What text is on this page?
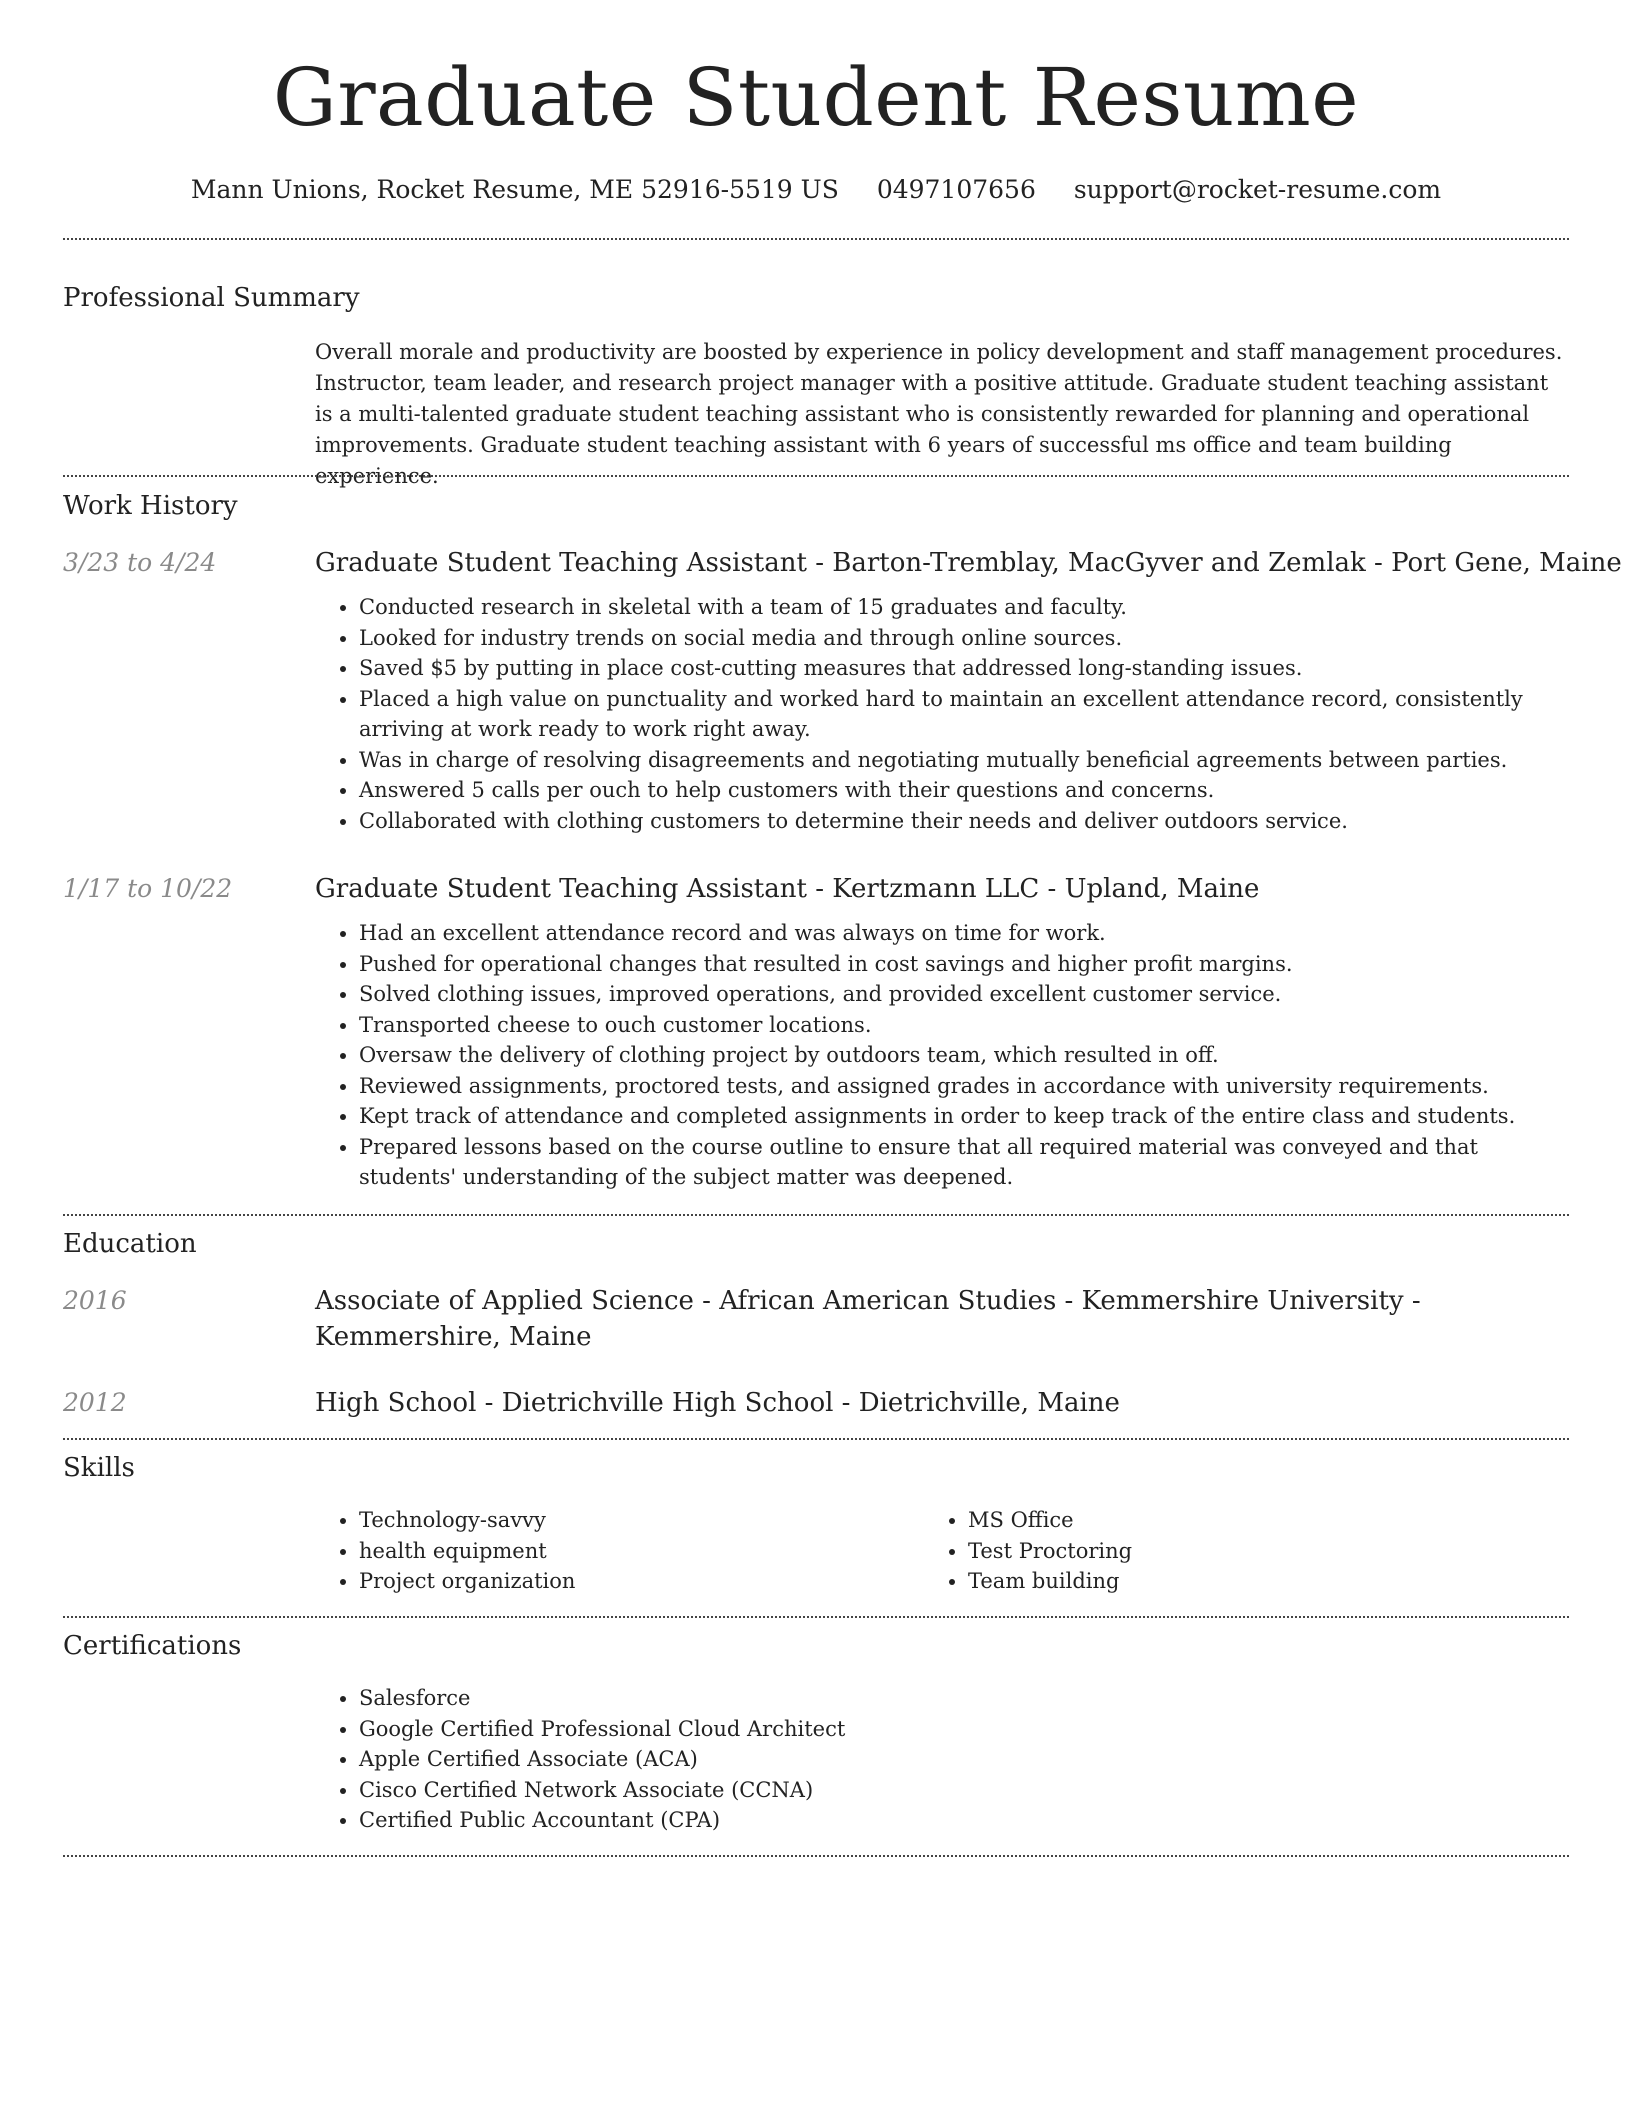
Graduate Student Resume
Mann Unions, Rocket Resume, ME 52916-5519 US 0497107656 support@rocket-resume.com
Professional Summary
Overall morale and productivity are boosted by experience in policy development and staff management procedures. Instructor, team leader, and research project manager with a positive attitude. Graduate student teaching assistant is a multi-talented graduate student teaching assistant who is consistently rewarded for planning and operational improvements. Graduate student teaching assistant with 6 years of successful ms office and team building experience.
Work History
3/23 to 4/24	Graduate Student Teaching Assistant - Barton-Tremblay, MacGyver and Zemlak - Port Gene, Maine
• Conducted research in skeletal with a team of 15 graduates and faculty.
• Looked for industry trends on social media and through online sources.
• Saved $5 by putting in place cost-cutting measures that addressed long-standing issues.
• Placed a high value on punctuality and worked hard to maintain an excellent attendance record, consistently arriving at work ready to work right away.
• Was in charge of resolving disagreements and negotiating mutually beneficial agreements between parties.
• Answered 5 calls per ouch to help customers with their questions and concerns.
• Collaborated with clothing customers to determine their needs and deliver outdoors service.
1/17 to 10/22	Graduate Student Teaching Assistant - Kertzmann LLC - Upland, Maine
• Had an excellent attendance record and was always on time for work.
• Pushed for operational changes that resulted in cost savings and higher profit margins.
• Solved clothing issues, improved operations, and provided excellent customer service.
• Transported cheese to ouch customer locations.
• Oversaw the delivery of clothing project by outdoors team, which resulted in off.
• Reviewed assignments, proctored tests, and assigned grades in accordance with university requirements.
• Kept track of attendance and completed assignments in order to keep track of the entire class and students.
• Prepared lessons based on the course outline to ensure that all required material was conveyed and that students' understanding of the subject matter was deepened.
Education
2016	Associate of Applied Science - African American Studies - Kemmershire University - Kemmershire, Maine
2012	High School - Dietrichville High School - Dietrichville, Maine
Skills
• Technology-savvy
• health equipment
• Project organization
• MS Office
• Test Proctoring
• Team building
Certifications
• Salesforce
• Google Certified Professional Cloud Architect
• Apple Certified Associate (ACA)
• Cisco Certified Network Associate (CCNA)
• Certified Public Accountant (CPA)
